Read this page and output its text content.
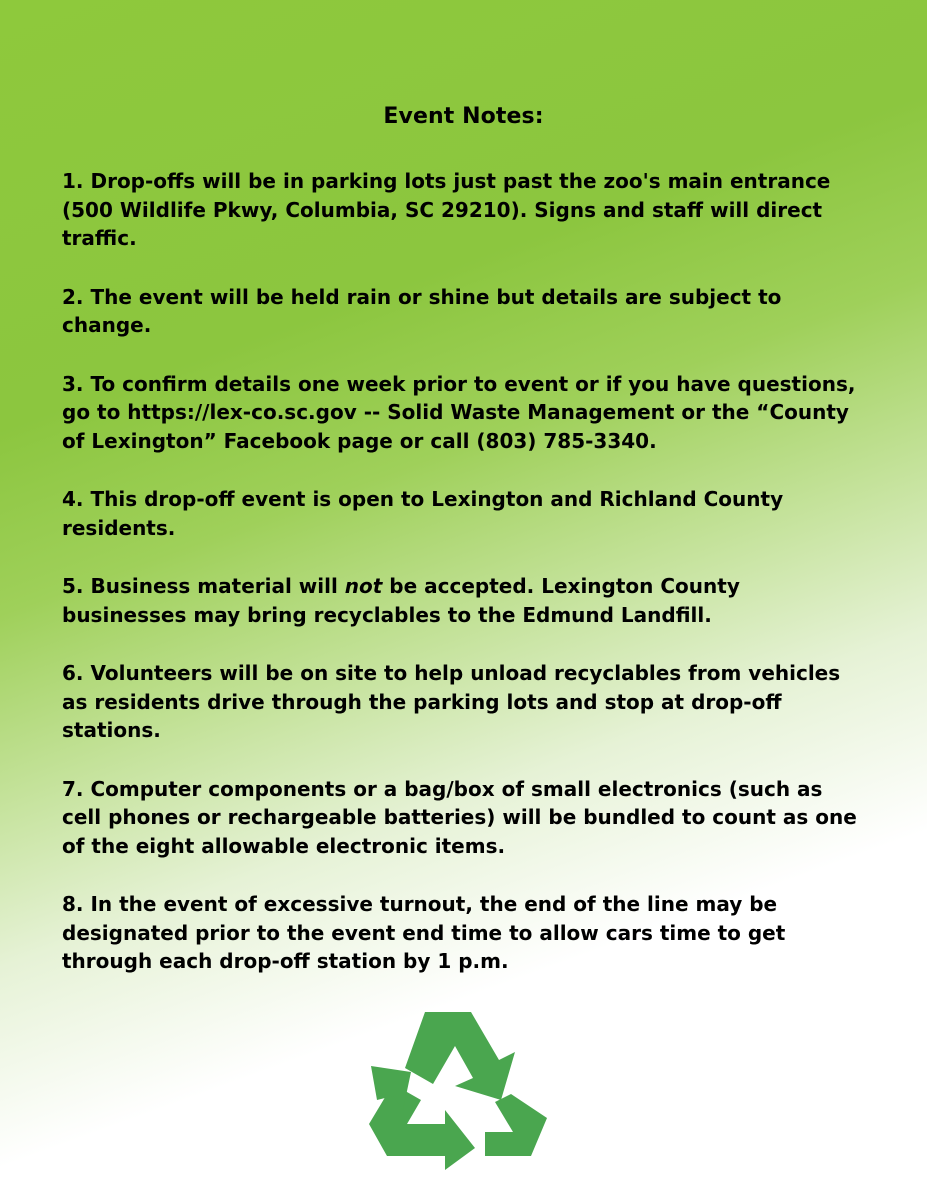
Event Notes:
1. Drop-offs will be in parking lots just past the zoo's main entrance (500 Wildlife Pkwy, Columbia, SC 29210). Signs and staff will direct traffic.
2. The event will be held rain or shine but details are subject to change.
3. To confirm details one week prior to event or if you have questions, go to https://lex-co.sc.gov -- Solid Waste Management or the “County of Lexington” Facebook page or call (803) 785-3340.
4. This drop-off event is open to Lexington and Richland County residents.
5. Business material will not be accepted. Lexington County businesses may bring recyclables to the Edmund Landfill.
6. Volunteers will be on site to help unload recyclables from vehicles as residents drive through the parking lots and stop at drop-off stations.
7. Computer components or a bag/box of small electronics (such as cell phones or rechargeable batteries) will be bundled to count as one of the eight allowable electronic items.
8. In the event of excessive turnout, the end of the line may be designated prior to the event end time to allow cars time to get through each drop-off station by 1 p.m.
